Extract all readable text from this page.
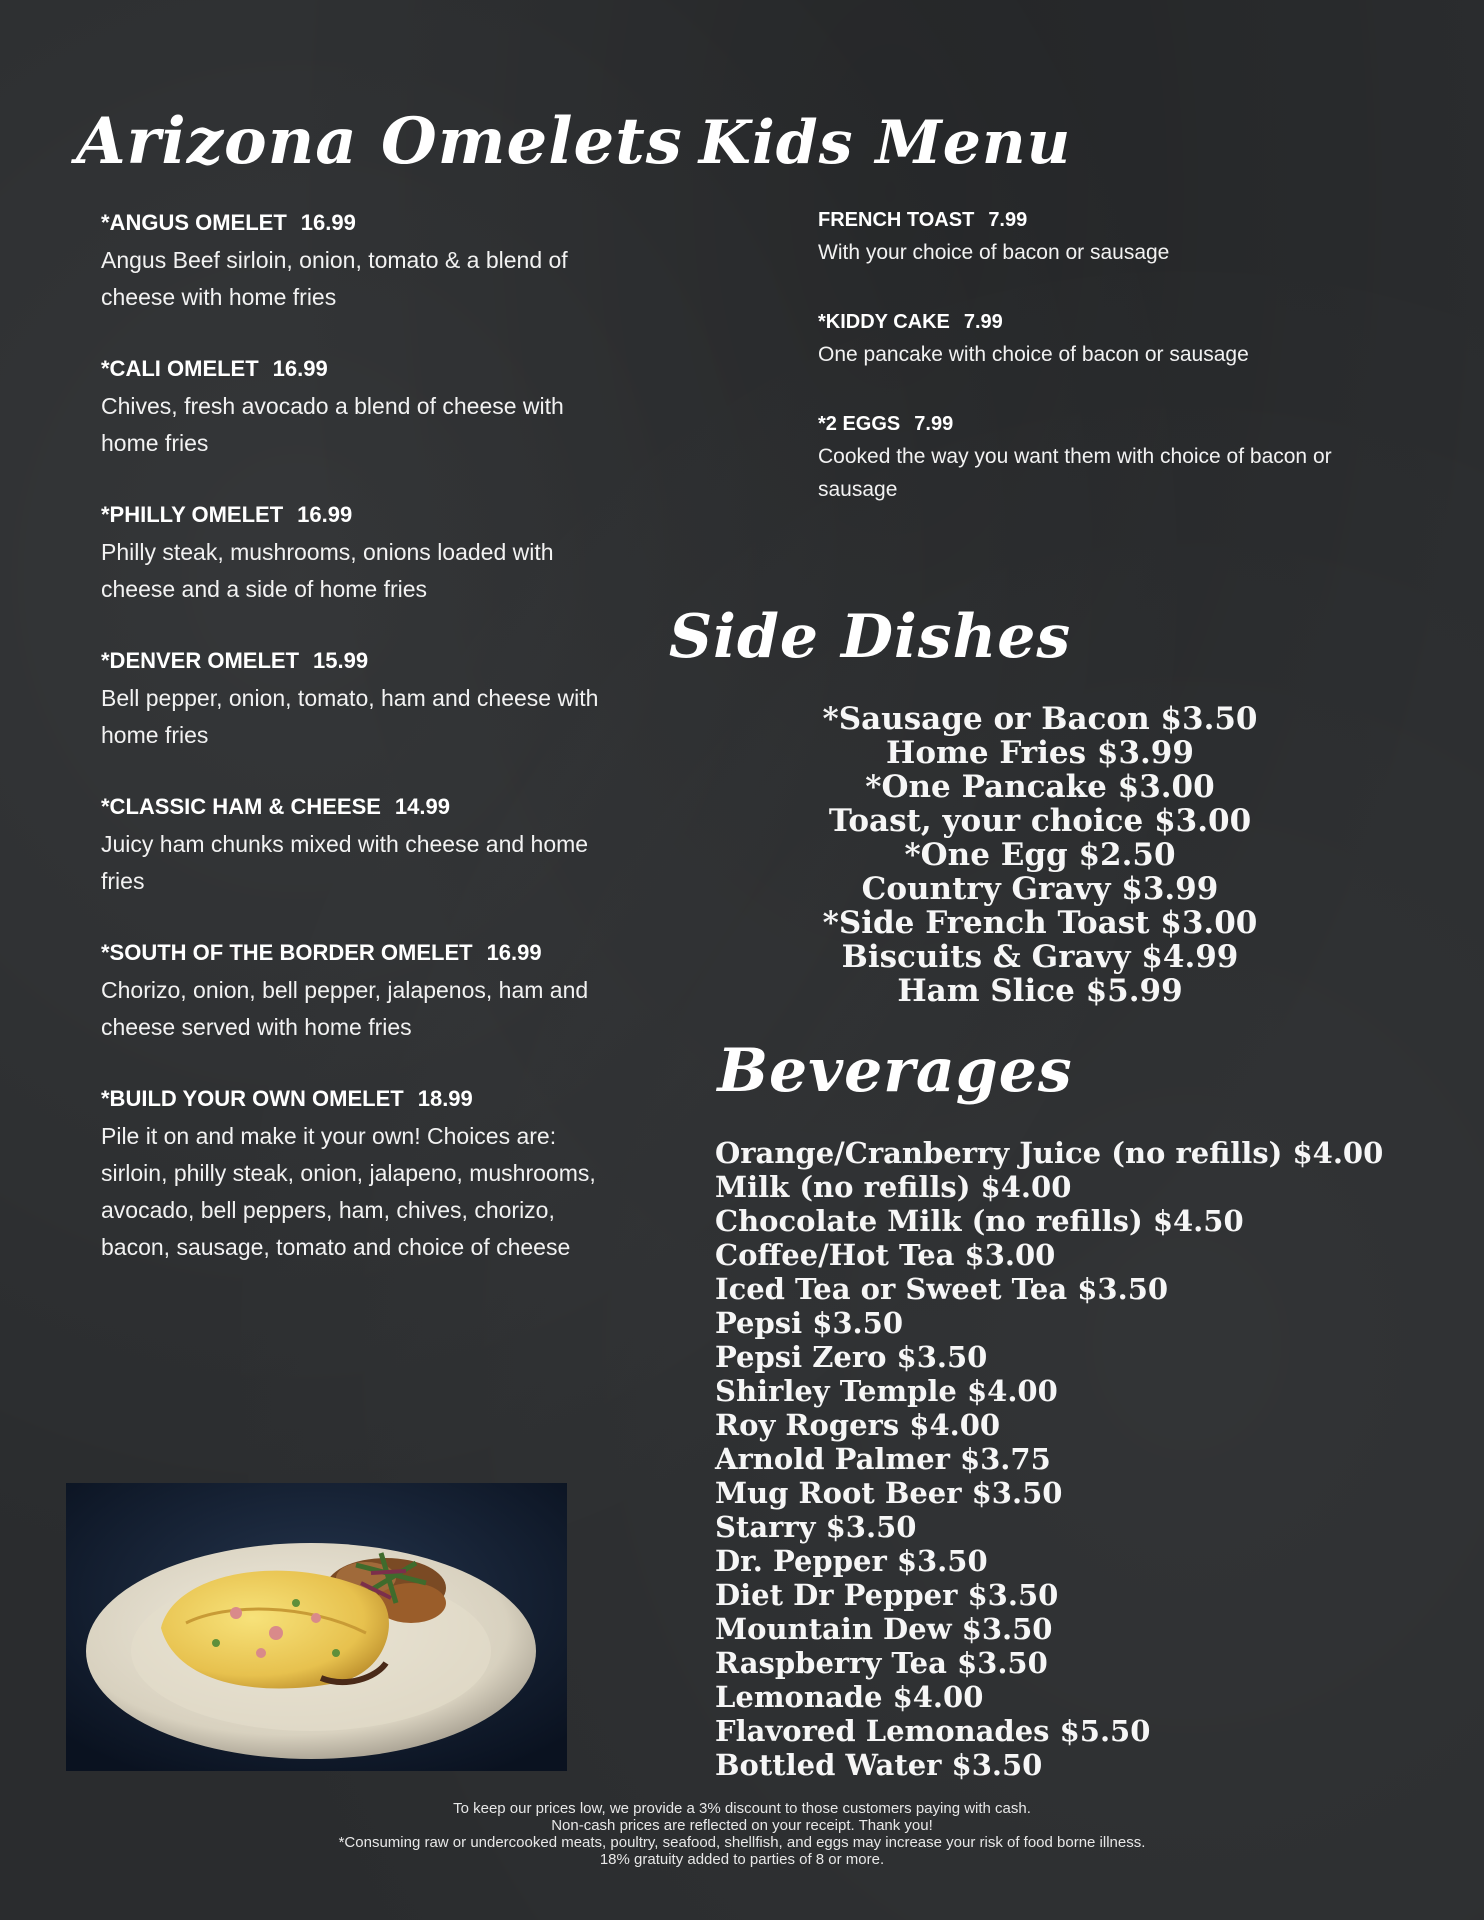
Arizona Omelets
*ANGUS OMELET 16.99
Angus Beef sirloin, onion, tomato & a blend of cheese with home fries
*CALI OMELET 16.99
Chives, fresh avocado a blend of cheese with home fries
*PHILLY OMELET 16.99
Philly steak, mushrooms, onions loaded with cheese and a side of home fries
*DENVER OMELET 15.99
Bell pepper, onion, tomato, ham and cheese with home fries
*CLASSIC HAM & CHEESE 14.99
Juicy ham chunks mixed with cheese and home fries
*SOUTH OF THE BORDER OMELET 16.99
Chorizo, onion, bell pepper, jalapenos, ham and cheese served with home fries
*BUILD YOUR OWN OMELET 18.99
Pile it on and make it your own! Choices are: sirloin, philly steak, onion, jalapeno, mushrooms, avocado, bell peppers, ham, chives, chorizo, bacon, sausage, tomato and choice of cheese
Kids Menu
FRENCH TOAST 7.99
With your choice of bacon or sausage
*KIDDY CAKE 7.99
One pancake with choice of bacon or sausage
*2 EGGS 7.99
Cooked the way you want them with choice of bacon or sausage
Side Dishes
*Sausage or Bacon $3.50
Home Fries $3.99
*One Pancake $3.00
Toast, your choice $3.00
*One Egg $2.50
Country Gravy $3.99
*Side French Toast $3.00
Biscuits & Gravy $4.99
Ham Slice $5.99
Beverages
Orange/Cranberry Juice (no refills) $4.00
Milk (no refills) $4.00
Chocolate Milk (no refills) $4.50
Coffee/Hot Tea $3.00
Iced Tea or Sweet Tea $3.50
Pepsi $3.50
Pepsi Zero $3.50
Shirley Temple $4.00
Roy Rogers $4.00
Arnold Palmer $3.75
Mug Root Beer $3.50
Starry $3.50
Dr. Pepper $3.50
Diet Dr Pepper $3.50
Mountain Dew $3.50
Raspberry Tea $3.50
Lemonade $4.00
Flavored Lemonades $5.50
Bottled Water $3.50
To keep our prices low, we provide a 3% discount to those customers paying with cash.
Non-cash prices are reflected on your receipt. Thank you!
*Consuming raw or undercooked meats, poultry, seafood, shellfish, and eggs may increase your risk of food borne illness.
18% gratuity added to parties of 8 or more.
